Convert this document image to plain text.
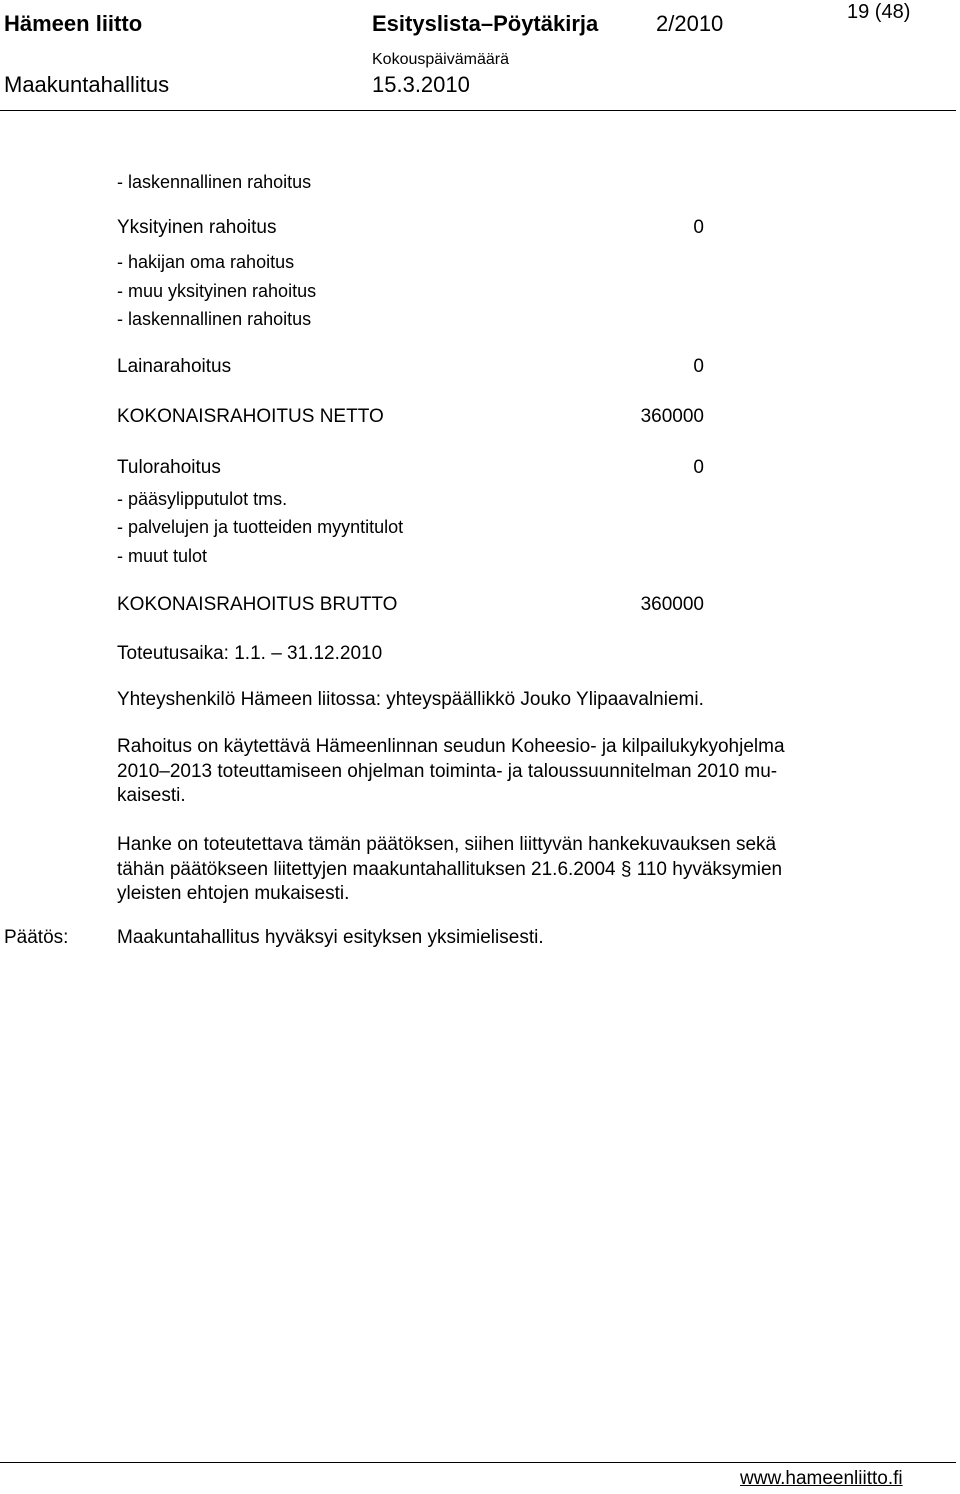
Hämeen liitto	Esityslista–Pöytäkirja	2/2010	19 (48)
Maakuntahallitus
Kokouspäivämäärä
15.3.2010
- laskennallinen rahoitus
Yksityinen rahoitus	0
- hakijan oma rahoitus
- muu yksityinen rahoitus
- laskennallinen rahoitus
Lainarahoitus	0
KOKONAISRAHOITUS NETTO	360000
Tulorahoitus	0
- pääsylipputulot tms.
- palvelujen ja tuotteiden myyntitulot
- muut tulot
KOKONAISRAHOITUS BRUTTO	360000
Toteutusaika: 1.1. – 31.12.2010
Yhteyshenkilö Hämeen liitossa: yhteyspäällikkö Jouko Ylipaavalniemi.
Rahoitus on käytettävä Hämeenlinnan seudun Koheesio- ja kilpailukykyohjelma
2010–2013 toteuttamiseen ohjelman toiminta- ja taloussuunnitelman 2010 mu-
kaisesti.
Hanke on toteutettava tämän päätöksen, siihen liittyvän hankekuvauksen sekä
tähän päätökseen liitettyjen maakuntahallituksen 21.6.2004 § 110 hyväksymien
yleisten ehtojen mukaisesti.
Päätös:	Maakuntahallitus hyväksyi esityksen yksimielisesti.
www.hameenliitto.fi
